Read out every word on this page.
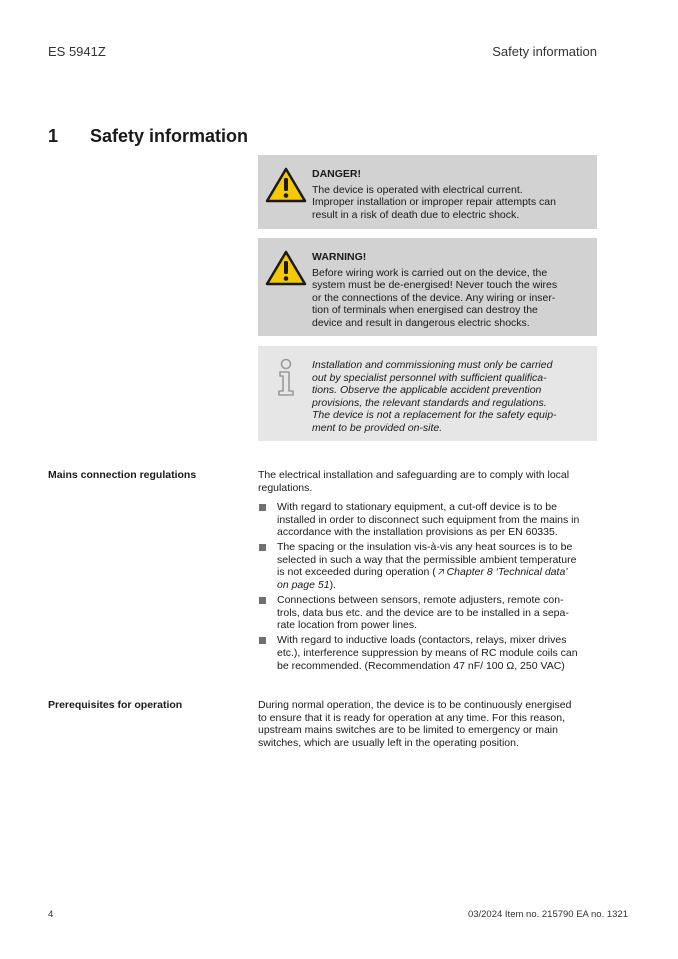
ES 5941Z	Safety information
1 Safety information
DANGER!
The device is operated with electrical current.
Improper installation or improper repair attempts can
result in a risk of death due to electric shock.
WARNING!
Before wiring work is carried out on the device, the
system must be de-energised! Never touch the wires
or the connections of the device. Any wiring or inser-
tion of terminals when energised can destroy the
device and result in dangerous electric shocks.
Installation and commissioning must only be carried
out by specialist personnel with sufficient qualifica-
tions. Observe the applicable accident prevention
provisions, the relevant standards and regulations.
The device is not a replacement for the safety equip-
ment to be provided on-site.
Mains connection regulations	The electrical installation and safeguarding are to comply with local
regulations.
With regard to stationary equipment, a cut-off device is to be
installed in order to disconnect such equipment from the mains in
accordance with the installation provisions as per EN 60335.
The spacing or the insulation vis-à-vis any heat sources is to be
selected in such a way that the permissible ambient temperature
is not exceeded during operation ( 🡥 Chapter 8 ‘Technical data’
on page 51).
Connections between sensors, remote adjusters, remote con-
trols, data bus etc. and the device are to be installed in a sepa-
rate location from power lines.
With regard to inductive loads (contactors, relays, mixer drives
etc.), interference suppression by means of RC module coils can
be recommended. (Recommendation 47 nF/ 100 Ω, 250 VAC)
Prerequisites for operation	During normal operation, the device is to be continuously energised
to ensure that it is ready for operation at any time. For this reason,
upstream mains switches are to be limited to emergency or main
switches, which are usually left in the operating position.
4	03/2024 Item no. 215790 EA no. 1321
